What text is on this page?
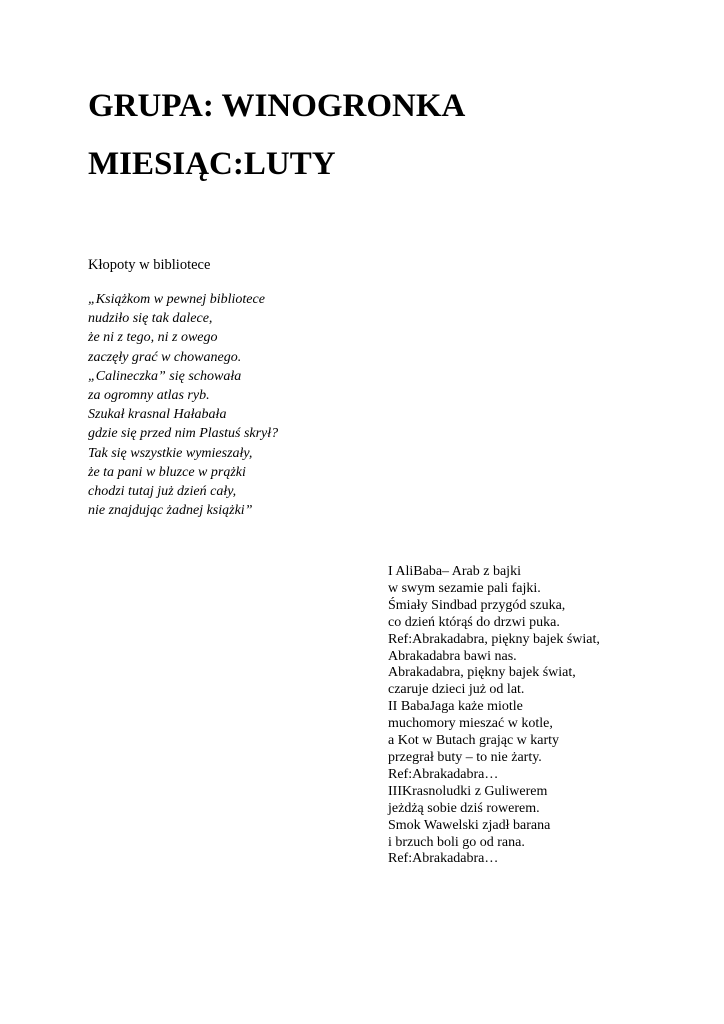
GRUPA: WINOGRONKA
MIESIĄC:LUTY

Kłopoty w bibliotece

„Książkom w pewnej bibliotece
nudziło się tak dalece,
że ni z tego, ni z owego
zaczęły grać w chowanego.
„Calineczka” się schowała
za ogromny atlas ryb.
Szukał krasnal Hałabała
gdzie się przed nim Plastuś skrył?
Tak się wszystkie wymieszały,
że ta pani w bluzce w prążki
chodzi tutaj już dzień cały,
nie znajdując żadnej książki”
I AliBaba– Arab z bajki
w swym sezamie pali fajki.
Śmiały Sindbad przygód szuka,
co dzień którąś do drzwi puka.
Ref:Abrakadabra, piękny bajek świat,
Abrakadabra bawi nas.
Abrakadabra, piękny bajek świat,
czaruje dzieci już od lat.
II BabaJaga każe miotle
muchomory mieszać w kotle,
a Kot w Butach grając w karty
przegrał buty – to nie żarty.
Ref:Abrakadabra…
IIIKrasnoludki z Guliwerem
jeżdżą sobie dziś rowerem.
Smok Wawelski zjadł barana
i brzuch boli go od rana.
Ref:Abrakadabra…
